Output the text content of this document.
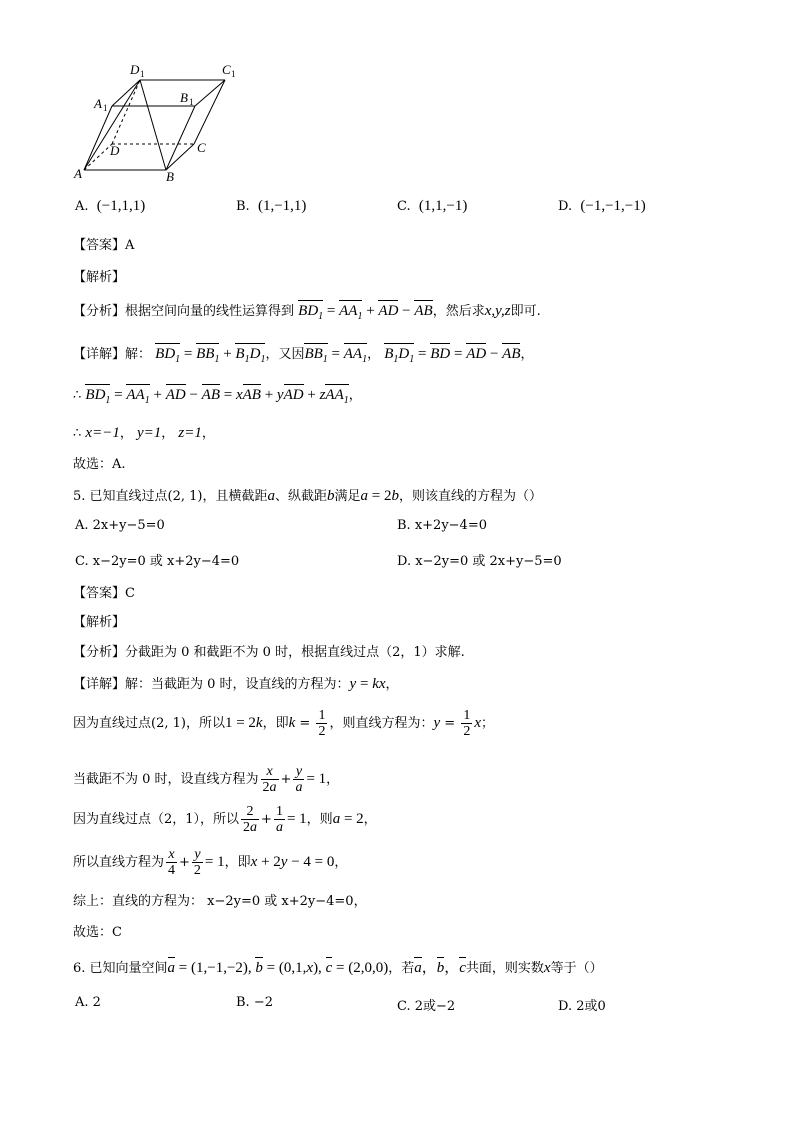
D 1	C 1
A 1
B 1
D	C
A	B
A. (−1,1,1)	B. (1,−1,1)	C. (1,1,−1)	D. (−1,−1,−1)
【答案】A
【解析】
【分析】根据空间向量的线性运算得到 $BD_1 = AA_1$ + AD − AB，然后求x,y,z即可.
【详解】解： $BD_1 = BB_1 + B_1D_1$，又因$BB_1 = AA_1$， $B_1D_1$ = BD = AD − AB，
∴ $BD_1 = AA_1$ + AD − AB = xAB + yAD + zAA$_1$，
∴ x=−1， y=1， z=1，
故选：A.
5. 已知直线过点(2, 1)，且横截距a、纵截距b满足a = 2b，则该直线的方程为（）
A. 2x+y−5=0	B. x+2y−4=0
C. x−2y=0 或 x+2y−4=0	D. x−2y=0 或 2x+y−5=0
【答案】C
【解析】
【分析】分截距为 0 和截距不为 0 时，根据直线过点（2，1）求解.
【详解】解：当截距为 0 时，设直线的方程为：y = kx，
因为直线过点(2, 1)，所以1 = 2k，即$k = \frac{1}{2}$ ，则直线方程为：$y = \frac{1}{2}$ x；
当截距不为 0 时，设直线方程为 $\frac{x}{2a} + \frac{y}{a} = 1$，
因为直线过点（2，1），所以 $\frac{2}{2a} + \frac{1}{a} = 1$，则a = 2，
所以直线方程为 $\frac{x}{4} + \frac{y}{2} = 1$，即x + 2y − 4 = 0，
综上：直线的方程为： x−2y=0 或 x+2y−4=0，
故选：C
6. 已知向量空间a = (1,−1,−2), b = (0,1,x), c = (2,0,0)，若a，b，c共面，则实数x等于（）
A. 2	B. −2	C. 2或−2	D. 2或0
